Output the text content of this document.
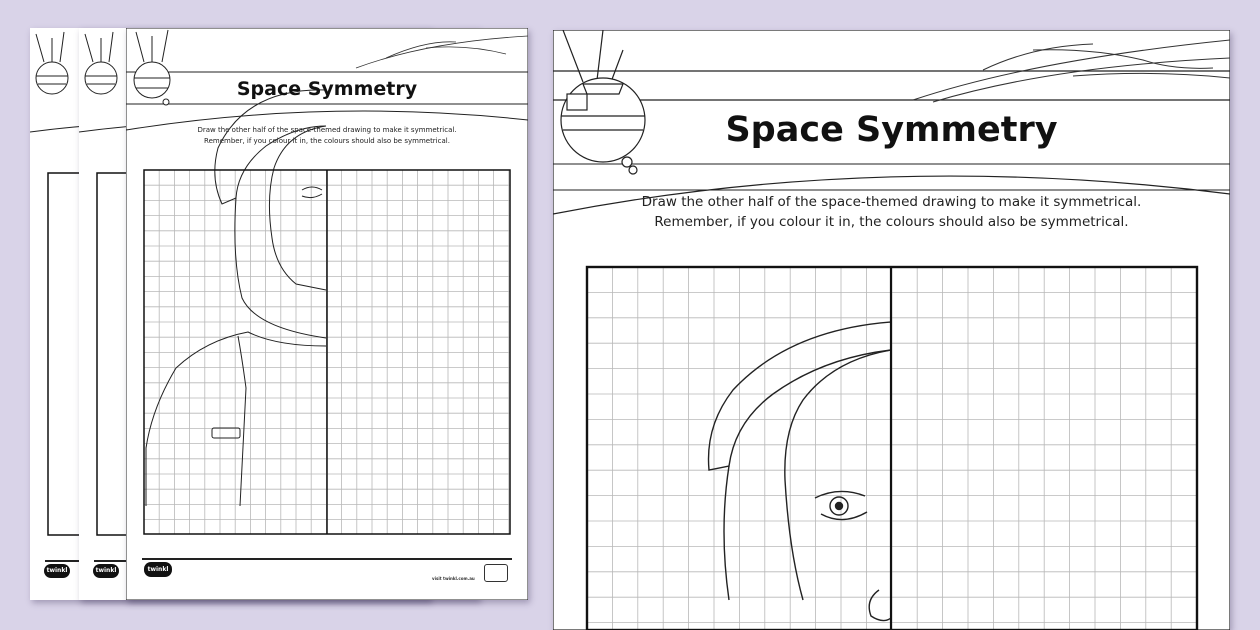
twinkl	twinkl
Space Symmetry
Draw the other half of the space-themed drawing to make it symmetrical.
Remember, if you colour it in, the colours should also be symmetrical.
twinkl
visit twinkl.com.au
Space Symmetry
Draw the other half of the space-themed drawing to make it symmetrical.
Remember, if you colour it in, the colours should also be symmetrical.
